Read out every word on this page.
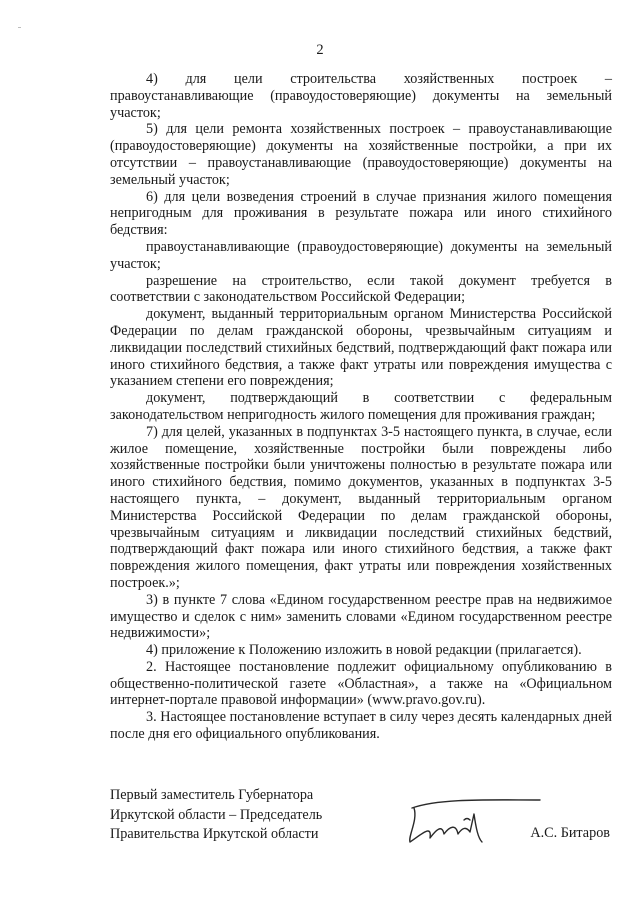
2

4) для цели строительства хозяйственных построек – правоустанавливающие (правоудостоверяющие) документы на земельный участок;

5) для цели ремонта хозяйственных построек – правоустанавливающие (правоудостоверяющие) документы на хозяйственные постройки, а при их отсутствии – правоустанавливающие (правоудостоверяющие) документы на земельный участок;

6) для цели возведения строений в случае признания жилого помещения непригодным для проживания в результате пожара или иного стихийного бедствия:

правоустанавливающие (правоудостоверяющие) документы на земельный участок;

разрешение на строительство, если такой документ требуется в соответствии с законодательством Российской Федерации;

документ, выданный территориальным органом Министерства Российской Федерации по делам гражданской обороны, чрезвычайным ситуациям и ликвидации последствий стихийных бедствий, подтверждающий факт пожара или иного стихийного бедствия, а также факт утраты или повреждения имущества с указанием степени его повреждения;

документ, подтверждающий в соответствии с федеральным законодательством непригодность жилого помещения для проживания граждан;

7) для целей, указанных в подпунктах 3-5 настоящего пункта, в случае, если жилое помещение, хозяйственные постройки были повреждены либо хозяйственные постройки были уничтожены полностью в результате пожара или иного стихийного бедствия, помимо документов, указанных в подпунктах 3-5 настоящего пункта, – документ, выданный территориальным органом Министерства Российской Федерации по делам гражданской обороны, чрезвычайным ситуациям и ликвидации последствий стихийных бедствий, подтверждающий факт пожара или иного стихийного бедствия, а также факт повреждения жилого помещения, факт утраты или повреждения хозяйственных построек.»;

3) в пункте 7 слова «Едином государственном реестре прав на недвижимое имущество и сделок с ним» заменить словами «Едином государственном реестре недвижимости»;

4) приложение к Положению изложить в новой редакции (прилагается).

2. Настоящее постановление подлежит официальному опубликованию в общественно-политической газете «Областная», а также на «Официальном интернет-портале правовой информации» (www.pravo.gov.ru).

3. Настоящее постановление вступает в силу через десять календарных дней после дня его официального опубликования.

Первый заместитель Губернатора
Иркутской области – Председатель
Правительства Иркутской области	А.С. Битаров
